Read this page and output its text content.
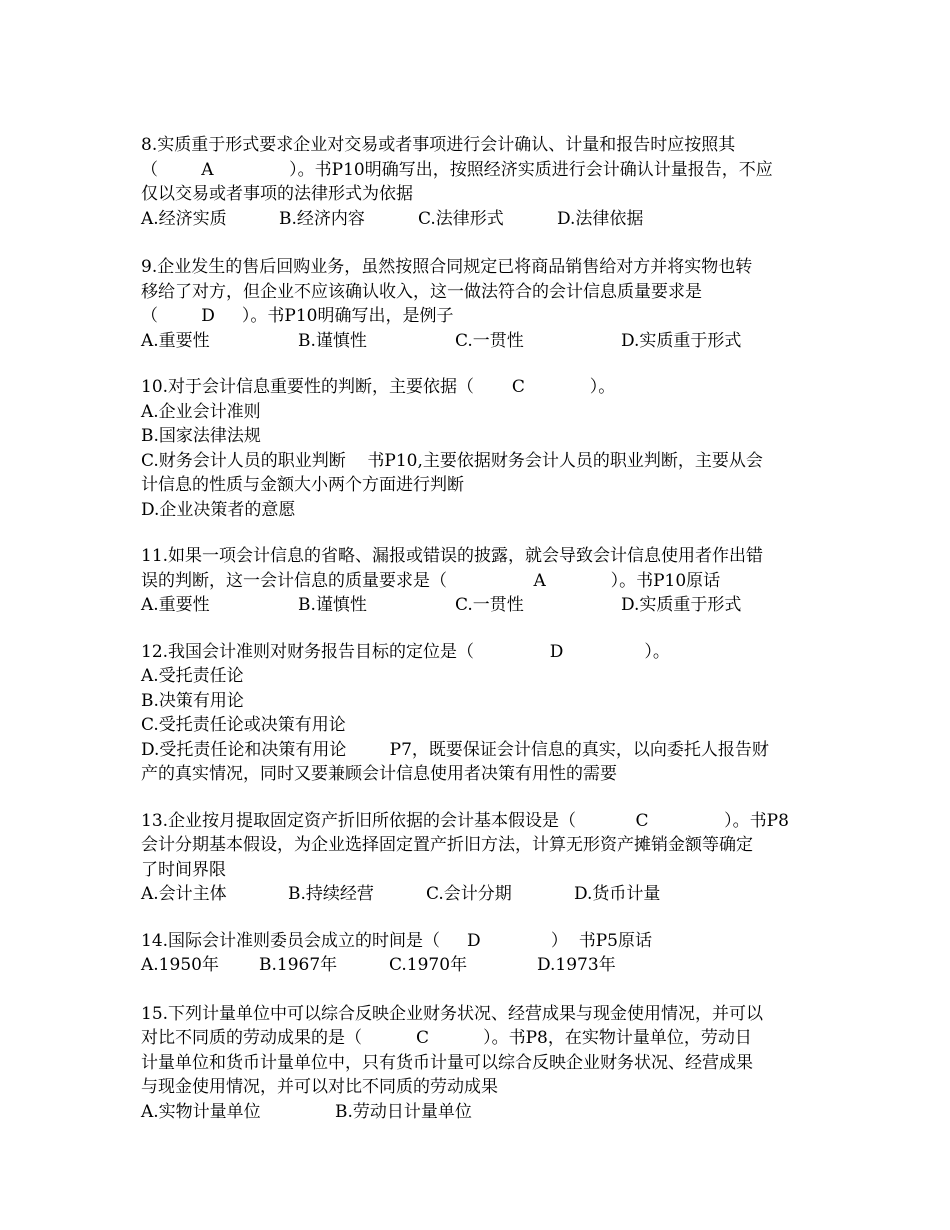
8.实质重于形式要求企业对交易或者事项进行会计确认、计量和报告时应按照其
（        A              ）。书P10明确写出，按照经济实质进行会计确认计量报告，不应
仅以交易或者事项的法律形式为依据
A.经济实质	B.经济内容	C.法律形式	D.法律依据
9.企业发生的售后回购业务，虽然按照合同规定已将商品销售给对方并将实物也转
移给了对方，但企业不应该确认收入，这一做法符合的会计信息质量要求是
（        D     ）。书P10明确写出，是例子
A.重要性	B.谨慎性	C.一贯性	D.实质重于形式
10.对于会计信息重要性的判断，主要依据（       C            ）。
A.企业会计准则
B.国家法律法规
C.财务会计人员的职业判断    书P10,主要依据财务会计人员的职业判断，主要从会
计信息的性质与金额大小两个方面进行判断
D.企业决策者的意愿
11.如果一项会计信息的省略、漏报或错误的披露，就会导致会计信息使用者作出错
误的判断，这一会计信息的质量要求是（                A            ）。书P10原话
A.重要性	B.谨慎性	C.一贯性	D.实质重于形式
12.我国会计准则对财务报告目标的定位是（              D               ）。
A.受托责任论
B.决策有用论
C.受托责任论或决策有用论
D.受托责任论和决策有用论        P7，既要保证会计信息的真实，以向委托人报告财
产的真实情况，同时又要兼顾会计信息使用者决策有用性的需要
13.企业按月提取固定资产折旧所依据的会计基本假设是（           C              ）。书P8
会计分期基本假设，为企业选择固定置产折旧方法，计算无形资产摊销金额等确定
了时间界限
A.会计主体	B.持续经营	C.会计分期	D.货币计量
14.国际会计准则委员会成立的时间是（     D             ）  书P5原话
A.1950年 B.1967年	C.1970年	D.1973年
15.下列计量单位中可以综合反映企业财务状况、经营成果与现金使用情况，并可以
对比不同质的劳动成果的是（          C          ）。书P8，在实物计量单位，劳动日
计量单位和货币计量单位中，只有货币计量可以综合反映企业财务状况、经营成果
与现金使用情况，并可以对比不同质的劳动成果
A.实物计量单位	B.劳动日计量单位
